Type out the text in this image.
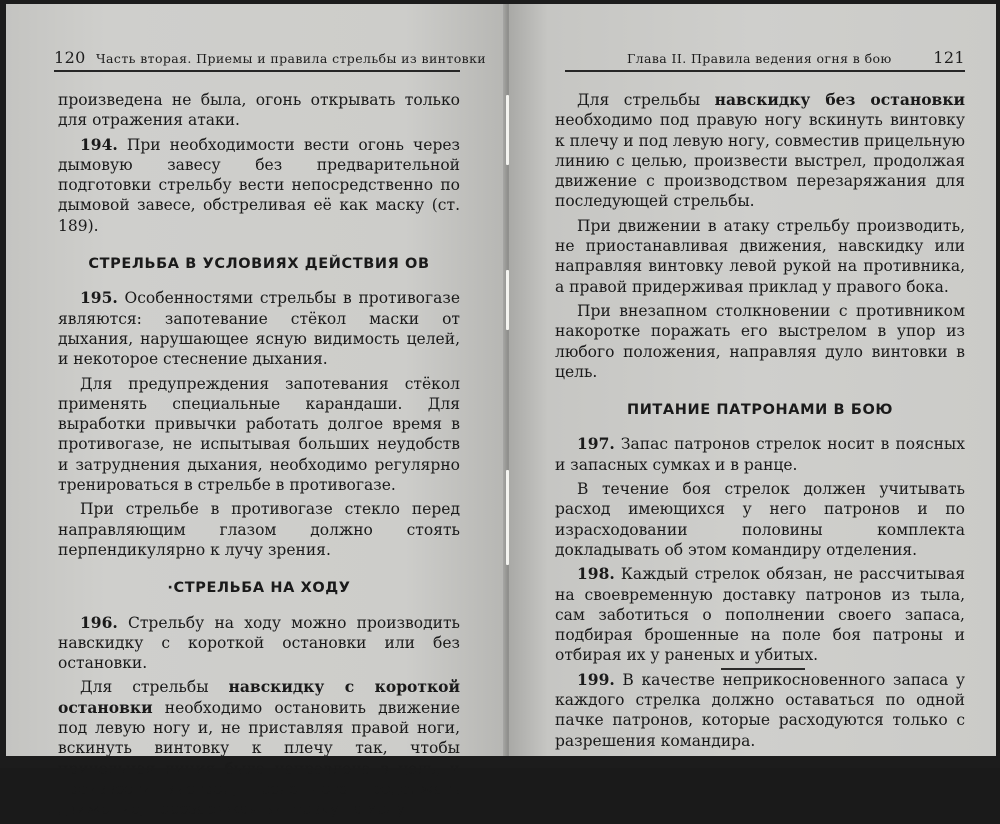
120 Часть вторая. Приемы и правила стрельбы из винтовки

произведена не была, огонь открывать только для отражения атаки.

194. При необходимости вести огонь через дымовую завесу без предварительной подготовки стрельбу вести непосредственно по дымовой завесе, обстреливая её как маску (ст. 189).

СТРЕЛЬБА В УСЛОВИЯХ ДЕЙСТВИЯ ОВ

195. Особенностями стрельбы в противогазе являются: запотевание стёкол маски от дыхания, нарушающее ясную видимость целей, и некоторое стеснение дыхания.

Для предупреждения запотевания стёкол применять специальные карандаши. Для выработки привычки работать долгое время в противогазе, не испытывая больших неудобств и затруднения дыхания, необходимо регулярно тренироваться в стрельбе в противогазе.

При стрельбе в противогазе стекло перед направляющим глазом должно стоять перпендикулярно к лучу зрения.

·СТРЕЛЬБА НА ХОДУ

196. Стрельбу на ходу можно производить навскидку с короткой остановки или без остановки.

Для стрельбы навскидку с короткой остановки необходимо остановить движение под левую ногу и, не приставляя правой ноги, вскинуть винтовку к плечу так, чтобы прицельная линия была направлена в цель, и произвести выстрел, после чего продолжать движение, перезаряжая винтовку на ходу.

Глава II. Правила ведения огня в бою	121

Для стрельбы навскидку без остановки необходимо под правую ногу вскинуть винтовку к плечу и под левую ногу, совместив прицельную линию с целью, произвести выстрел, продолжая движение с производством перезаряжания для последующей стрельбы.

При движении в атаку стрельбу производить, не приостанавливая движения, навскидку или направляя винтовку левой рукой на противника, а правой придерживая приклад у правого бока.

При внезапном столкновении с противником накоротке поражать его выстрелом в упор из любого положения, направляя дуло винтовки в цель.

ПИТАНИЕ ПАТРОНАМИ В БОЮ

197. Запас патронов стрелок носит в поясных и запасных сумках и в ранце.

В течение боя стрелок должен учитывать расход имеющихся у него патронов и по израсходовании половины комплекта докладывать об этом командиру отделения.

198. Каждый стрелок обязан, не рассчитывая на своевременную доставку патронов из тыла, сам заботиться о пополнении своего запаса, подбирая брошенные на поле боя патроны и отбирая их у раненых и убитых.

199. В качестве неприкосновенного запаса у каждого стрелка должно оставаться по одной пачке патронов, которые расходуются только с разрешения командира.
